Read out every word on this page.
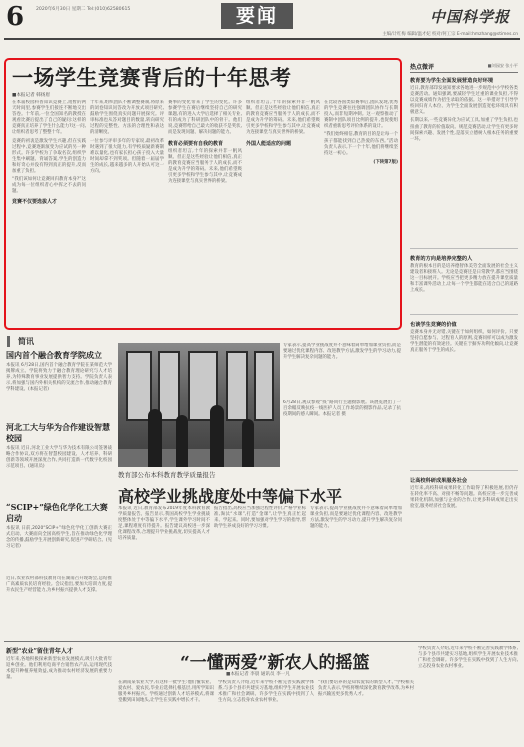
6	2020年6月30日 星期二 Tel:(010)62580615	要闻	中国科学报
主编/计红梅 编辑/温才妃 校对/何工宗 E-mail:hmzhang@stimes.cn
一场学生竞赛背后的十年思考
■本报记者 韩扬眉

在本届校园科普知识竞赛上,短暂的两天时间里,参赛学生们接连不断地交出答卷。十年前,一位全国知名的教授在观看比赛后提出了自己的疑问:这样的竞赛真正培养了学生什么能力?这一问,让组织者思考了整整十年。

竞赛的初衷是激发学生兴趣,但在实践过程中,竞赛逐渐演变为应试的另一种形式。许多学校为了争取名次,组织学生集中刷题、背诵答案,学生的创造力和好奇心并没有得到真正的提升,反而加重了负担。

“我们该如何让竞赛回归教育本身?”这成为每一位组织者心中挥之不去的问题。

竞赛不仅要选拔人才

十年来,组织团队不断调整赛制,将原来的闭卷知识问答改为开放式项目研究,鼓励学生围绕真实问题开展探究。评审标准也从答对题目的数量,转向研究过程的完整性、方法的合理性和表达的清晰度。

一位参与评审多年的专家说,最初改革时遇到了很大阻力,有学校质疑新赛制难以量化,也有家长担心孩子投入大量时间却拿不到奖项。但随着一届届学生的成长,越来越多的人开始认可这一方向。

赛事的变化带来了学生的变化。许多参赛学生在赛后继续坚持自己的研究课题,有的进入大学后选择了相关专业,有的成为了科研团队中的骨干。他们说,竞赛带给自己最大的收获不是奖状,而是发现问题、解决问题的能力。

教育必须要有自我的教育

组织者坦言,十年的探索并非一帆风顺。但正是这些经验让他们相信,真正的教育竞赛应当服务于人的成长,而不是成为升学的筹码。未来,他们希望吸引更多学校和学生参与其中,让竞赛成为连接课堂与真实世界的桥梁。

组织者坦言,十年的探索并非一帆风顺。但正是这些经验让他们相信,真正的教育竞赛应当服务于人的成长,而不是成为升学的筹码。未来,他们希望吸引更多学校和学生参与其中,让竞赛成为连接课堂与真实世界的桥梁。

外国人能适应的问题

在比较各国类似赛事后,团队发现,优秀的学生竞赛往往强调团队协作与长期投入,而非短期冲刺。这一观察推动了赛制中团队项目比例的提升,也促使组织者重新思考评价体系的设计。

“我们始终相信,教育的目的是让每一个孩子都能找到自己热爱的东西。”活动负责人表示,下一个十年,他们将继续坚持这一初心。

(下转第7版)

热点微评	■刘园安 张小平
教育要为学生全面发展营造良好环境

近日,教育部印发通知要求各地进一步规范中小学校各类竞赛活动。通知强调,要减轻学生过重的课业负担,不得以竞赛成绩作为招生录取的依据。这一举措对于引导学校回归育人本位、为学生全面发展创造宽松环境具有积极意义。

长期以来,一些竞赛异化为应试工具,加重了学生负担,也扭曲了教育的价值取向。规范竞赛活动,让学生有更多时间探索兴趣、发展个性,是落实立德树人根本任务的重要一环。

教育的方向是培养完整的人

教育的根本目的是培养德智体美劳全面发展的社会主义建设者和接班人。无论是竞赛还是日常教学,都应当围绕这一目标展开。学校应当把更多精力放在提升课堂质量和丰富课外活动上,让每一个学生都能在适合自己的道路上成长。

也谈学生竞赛的价值

竞赛本身并无对错,关键在于如何组织、如何评价。只要坚持自愿参与、过程育人的原则,竞赛同样可以成为激发学生潜能的有效途径。关键在于摒弃功利化倾向,让竞赛真正服务于学生的成长。

让高校科研成果服务社会

近年来,高校科研成果转化工作取得了积极进展,但仍存在转化率不高、对接不畅等问题。高校应进一步完善成果转化机制,加强与企业的合作,让更多科研成果走出实验室,服务经济社会发展。

简讯
国内首个融合教育学院成立

本报讯 6月28日,国内首个融合教育学院在某师范大学揭牌成立。学院将致力于融合教育理论研究与人才培养,为特殊教育事业发展提供智力支持。学院负责人表示,将加强与国内外相关机构的交流合作,推动融合教育学科建设。(本报记者)

河北工大与华为合作建设智慧校园

本报讯 近日,河北工业大学与华为技术有限公司签署战略合作协议,双方将在智慧校园建设、人才培养、科研创新等领域开展深度合作,共同打造新一代数字化校园示范项目。(通讯员)

“SCIP+”绿色化学化工大赛启动

本报讯 日前,2020“SCIP+”绿色化学化工创新大赛正式启动。大赛面向全国高校学生,旨在推动绿色化学理念的传播,鼓励学生开展创新研究,促进产学研结合。(见习记者)

近日,农业农村部科技教育司在湖南召开现场会,总结推广高素质农民培育经验。会议指出,要加大培训力度,提升农民生产经营能力,为乡村振兴提供人才支撑。

6月28日,观众参观“疫”路同行主题摄影展。该展览展出了一百余幅反映抗疫一线医护人员工作场景的摄影作品,记录了抗疫期间的感人瞬间。本报记者 摄

专家表示,提高学业挑战度并不意味着简单增加课业负担,而是要通过优化课程内容、改进教学方法,激发学生的学习动力,提升学生解决复杂问题的能力。

教育部公布本科教育教学质量报告
高校学业挑战度处中等偏下水平

本报讯 近日,教育部发布2019年度本科教育教学质量报告。报告显示,我国高校学生学业挑战度整体处于中等偏下水平,学生课外学习时间不足,课程难度有待提升。报告建议高校进一步深化课程改革,合理提升学业挑战度,切实提高人才培养质量。

报告指出,高校应当加强过程性评价,严格学业标准,淘汰“水课”,打造“金课”,让学生真正忙起来、学起来。同时,要加强对学生学习的指导,帮助学生养成良好的学习习惯。

专家表示,提高学业挑战度并不意味着简单增加课业负担,而是要通过优化课程内容、改进教学方法,激发学生的学习动力,提升学生解决复杂问题的能力。

新型“农业”留住青年人才

近年来,各地积极探索新型农业发展模式,吸引大批青年返乡创业。他们利用电商平台销售农产品,运用现代技术提升种植养殖效益,成为推动农村经济发展的重要力量。

“一懂两爱”新农人的摇篮
■本报记者 李晨 通讯员 李一凡

在湖南某农业大学,有这样一批学生:他们懂农业、爱农村、爱农民,毕业后选择扎根基层,用所学知识服务乡村振兴。学校通过创新人才培养模式,将课堂搬到田间地头,让学生在实践中增长才干。

学校负责人介绍,近年来学校不断完善实践教学体系,与多个县市共建实习基地,组织学生开展农业技术推广和社会调研。许多学生在实践中找到了人生方向,立志投身农业农村事业。

“我们要培养的是知农爱农的新型人才。”学校相关负责人表示,学校将继续深化教育教学改革,为乡村振兴输送更多优秀人才。

学校负责人介绍,近年来学校不断完善实践教学体系,与多个县市共建实习基地,组织学生开展农业技术推广和社会调研。许多学生在实践中找到了人生方向,立志投身农业农村事业。
